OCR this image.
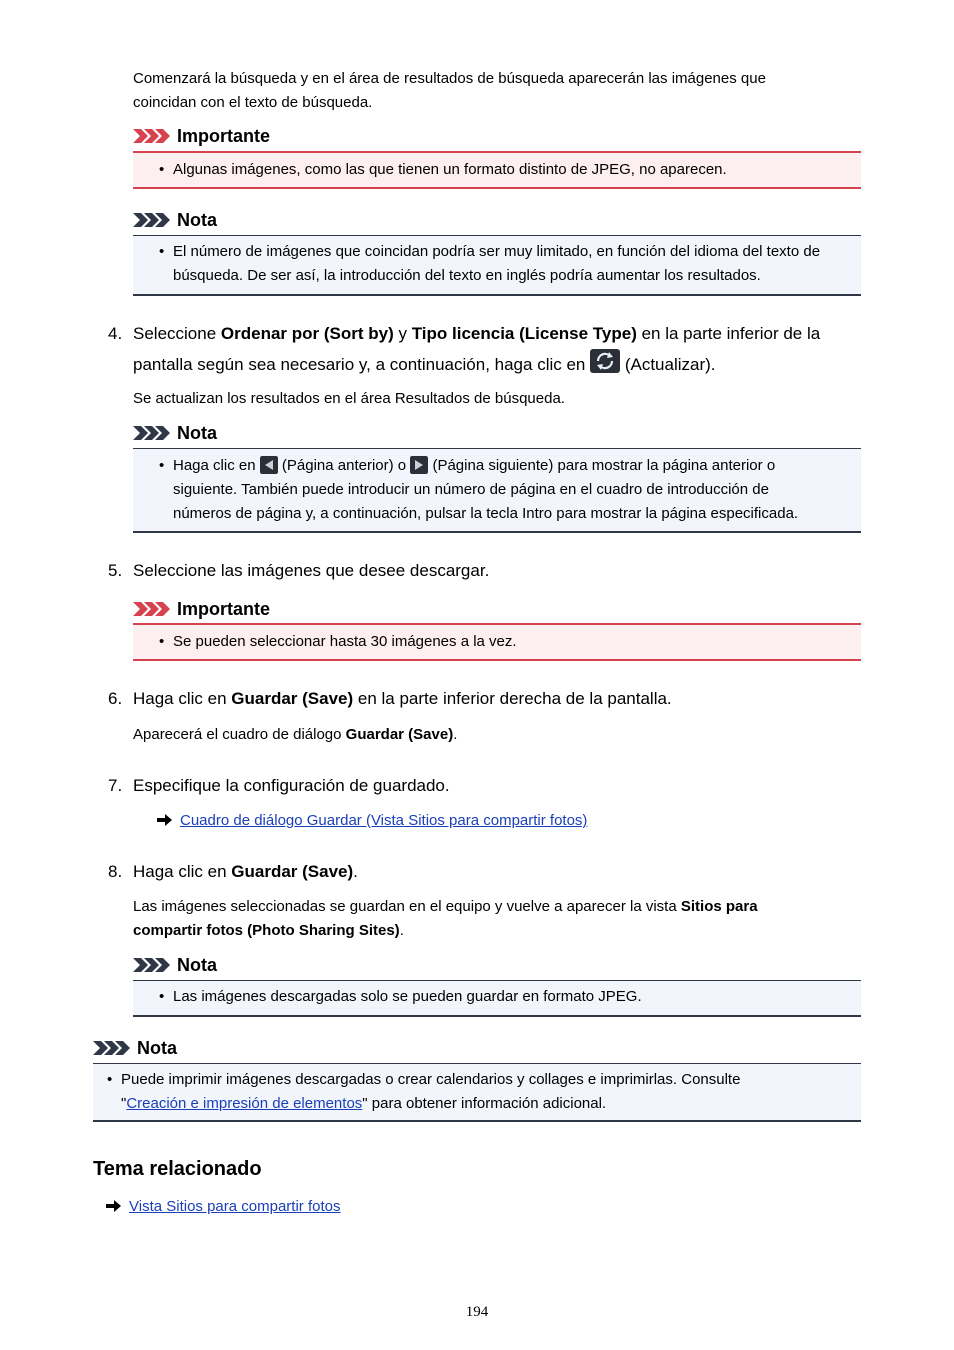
Comenzará la búsqueda y en el área de resultados de búsqueda aparecerán las imágenes que
coincidan con el texto de búsqueda.
Importante
• Algunas imágenes, como las que tienen un formato distinto de JPEG, no aparecen.
Nota
• El número de imágenes que coincidan podría ser muy limitado, en función del idioma del texto de
búsqueda. De ser así, la introducción del texto en inglés podría aumentar los resultados.
4. Seleccione Ordenar por (Sort by) y Tipo licencia (License Type) en la parte inferior de la
pantalla según sea necesario y, a continuación, haga clic en  (Actualizar).
Se actualizan los resultados en el área Resultados de búsqueda.
Nota
• Haga clic en  (Página anterior) o  (Página siguiente) para mostrar la página anterior o
siguiente. También puede introducir un número de página en el cuadro de introducción de
números de página y, a continuación, pulsar la tecla Intro para mostrar la página especificada.
5. Seleccione las imágenes que desee descargar.
Importante
• Se pueden seleccionar hasta 30 imágenes a la vez.
6. Haga clic en Guardar (Save) en la parte inferior derecha de la pantalla.
Aparecerá el cuadro de diálogo Guardar (Save).
7. Especifique la configuración de guardado.
Cuadro de diálogo Guardar (Vista Sitios para compartir fotos)
8. Haga clic en Guardar (Save).
Las imágenes seleccionadas se guardan en el equipo y vuelve a aparecer la vista Sitios para
compartir fotos (Photo Sharing Sites).
Nota
• Las imágenes descargadas solo se pueden guardar en formato JPEG.
Nota
• Puede imprimir imágenes descargadas o crear calendarios y collages e imprimirlas. Consulte
"Creación e impresión de elementos" para obtener información adicional.
Tema relacionado
Vista Sitios para compartir fotos
194
